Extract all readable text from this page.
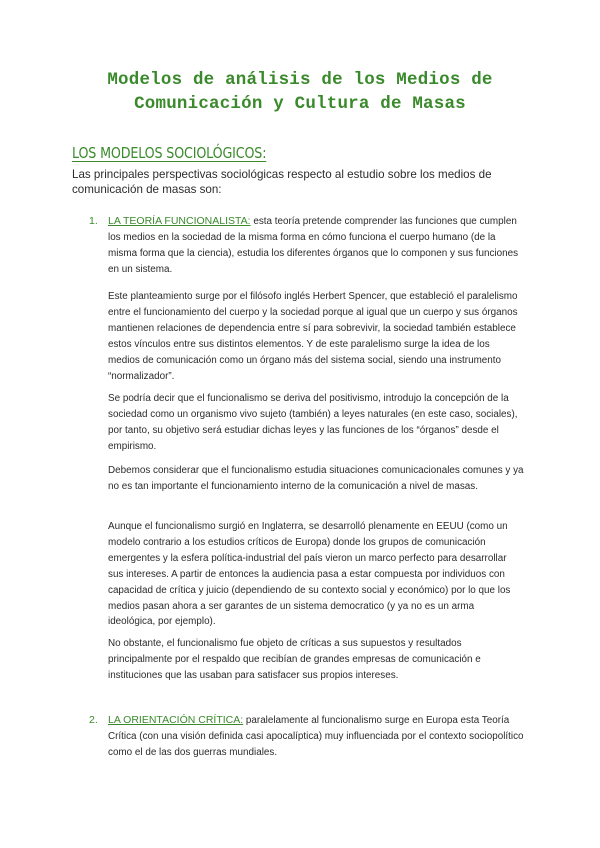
Modelos de análisis de los Medios de
Comunicación y Cultura de Masas
LOS MODELOS SOCIOLÓGICOS:
Las principales perspectivas sociológicas respecto al estudio sobre los medios de comunicación de masas son:
1. LA TEORÍA FUNCIONALISTA: esta teoría pretende comprender las funciones que cumplen los medios en la sociedad de la misma forma en cómo funciona el cuerpo humano (de la misma forma que la ciencia), estudia los diferentes órganos que lo componen y sus funciones en un sistema.
Este planteamiento surge por el filósofo inglés Herbert Spencer, que estableció el paralelismo entre el funcionamiento del cuerpo y la sociedad porque al igual que un cuerpo y sus órganos mantienen relaciones de dependencia entre sí para sobrevivir, la sociedad también establece estos vínculos entre sus distintos elementos. Y de este paralelismo surge la idea de los medios de comunicación como un órgano más del sistema social, siendo una instrumento “normalizador”.
Se podría decir que el funcionalismo se deriva del positivismo, introdujo la concepción de la sociedad como un organismo vivo sujeto (también) a leyes naturales (en este caso, sociales), por tanto, su objetivo será estudiar dichas leyes y las funciones de los “órganos” desde el empirismo.
Debemos considerar que el funcionalismo estudia situaciones comunicacionales comunes y ya no es tan importante el funcionamiento interno de la comunicación a nivel de masas.
Aunque el funcionalismo surgió en Inglaterra, se desarrolló plenamente en EEUU (como un modelo contrario a los estudios críticos de Europa) donde los grupos de comunicación emergentes y la esfera política-industrial del país vieron un marco perfecto para desarrollar sus intereses. A partir de entonces la audiencia pasa a estar compuesta por individuos con capacidad de crítica y juicio (dependiendo de su contexto social y económico) por lo que los medios pasan ahora a ser garantes de un sistema democratico (y ya no es un arma ideológica, por ejemplo).
No obstante, el funcionalismo fue objeto de críticas a sus supuestos y resultados principalmente por el respaldo que recibían de grandes empresas de comunicación e instituciones que las usaban para satisfacer sus propios intereses.
2. LA ORIENTACIÓN CRÍTICA: paralelamente al funcionalismo surge en Europa esta Teoría Crítica (con una visión definida casi apocalíptica) muy influenciada por el contexto sociopolítico como el de las dos guerras mundiales.
